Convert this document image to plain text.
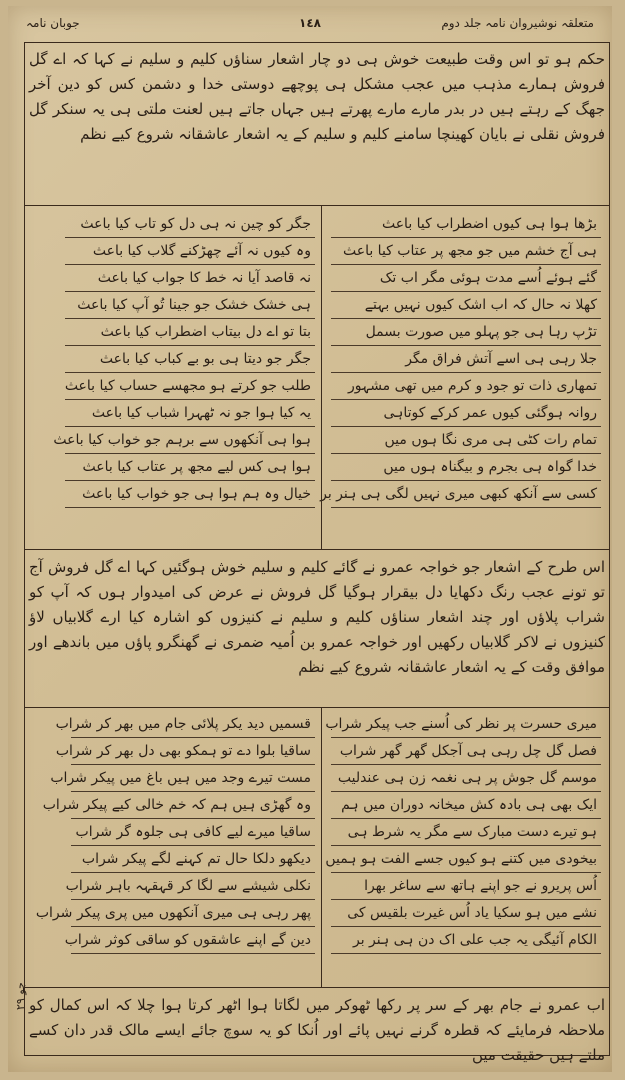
جوبان نامہ	١٤٨	متعلقہ نوشیروان نامہ جلد دوم
حکم ہو تو اس وقت طبیعت خوش ہی دو چار اشعار سناؤں کلیم و سلیم نے کہا کہ اے گل فروش ہمارے مذہب میں عجب مشکل ہی پوچھے دوستی خدا و دشمن کس کو دین آخر جھگ کے رہتے ہیں در بدر مارے مارے پھرتے ہیں جہاں جاتے ہیں لعنت ملتی ہی یہ سنکر گل فروش نقلی نے بایان کھینچا سامنے کلیم و سلیم کے یہ اشعار عاشقانہ شروع کیے نظم
بڑھا ہوا ہی کیوں اضطراب کیا باعث
ہی آج خشم میں جو مجھ پر عتاب کیا باعث
گئے ہوئے اُسے مدت ہوئی مگر اب تک
کھلا نہ حال کہ اب اشک کیوں نہیں بہتے
تڑپ رہا ہی جو پہلو میں صورت بسمل
جلا رہی ہی اسے آتش فراق مگر
تمھاری ذات تو جود و کرم میں تھی مشہور
روانہ ہوگئی کیوں عمر کرکے کوتاہی
تمام رات کٹی ہی مری نگا ہوں میں
خدا گواہ ہی بجرم و بیگناہ ہوں میں
کسی سے آنکھ کبھی میری نہیں لگی ہی ہنر بر
جگر کو چین نہ ہی دل کو تاب کیا باعث
وہ کیوں نہ آئے چھڑکنے گلاب کیا باعث
نہ قاصد آیا نہ خط کا جواب کیا باعث
ہی خشک خشک جو جینا تُو آپ کیا باعث
بتا تو اے دل بیتاب اضطراب کیا باعث
جگر جو دیتا ہی بو بے کباب کیا باعث
طلب جو کرتے ہو مجھسے حساب کیا باعث
یہ کیا ہوا جو نہ ٹھہرا شباب کیا باعث
ہوا ہی آنکھوں سے برہم جو خواب کیا باعث
ہوا ہی کس لیے مجھ پر عتاب کیا باعث
خیال وہ ہم ہوا ہی جو خواب کیا باعث
اس طرح کے اشعار جو خواجہ عمرو نے گائے کلیم و سلیم خوش ہوگئیں کہا اے گل فروش آج تو تونے عجب رنگ دکھایا دل بیقرار ہوگیا گل فروش نے عرض کی امیدوار ہوں کہ آپ کو شراب پلاؤں اور چند اشعار سناؤں کلیم و سلیم نے کنیزوں کو اشارہ کیا ارے گلابیاں لاؤ کنیزوں نے لاکر گلابیاں رکھیں اور خواجہ عمرو بن اُمیہ ضمری نے گھنگرو پاؤں میں باندھے اور موافق وقت کے یہ اشعار عاشقانہ شروع کیے نظم
میری حسرت پر نظر کی اُسنے جب پیکر شراب
فصل گل چل رہی ہی آجکل گھر گھر شراب
موسم گل جوش پر ہی نغمہ زن ہی عندلیب
ایک بھی ہی بادہ کش میخانہ دوران میں ہم
ہو تیرے دست مبارک سے مگر یہ شرط ہی
بیخودی میں کتنے ہو کیوں جسے الفت ہو ہمیں
اُس پریرو نے جو اپنے ہاتھ سے ساغر بھرا
نشے میں ہو سکیا یاد اُس غیرت بلقیس کی
الکام آئیگی یہ جب علی اک دن ہی ہنر بر
قسمیں دید یکر پلائی جام میں بھر کر شراب
ساقیا بلوا دے تو ہمکو بھی دل بھر کر شراب
مست تیرے وجد میں ہیں باغ میں پیکر شراب
وہ گھڑی ہیں ہم کہ خم خالی کیے پیکر شراب
ساقیا میرے لیے کافی ہی جلوہ گر شراب
دیکھو دلکا حال تم کہنے لگے پیکر شراب
نکلی شیشے سے لگا کر قہقہہ باہر شراب
پھر رہی ہی میری آنکھوں میں پری پیکر شراب
دین گے اپنے عاشقوں کو ساقی کوثر شراب
اب عمرو نے جام بھر کے سر پر رکھا ٹھوکر میں لگاتا ہوا اٹھر کرتا ہوا چلا کہ اس کمال کو ملاحظہ فرمایئے کہ قطرہ گرنے نہیں پائے اور اُنکا کو یہ سوچ جائے ایسے مالک قدر دان کسے ملتے ہیں حقیقت میں
جو ۲۹
